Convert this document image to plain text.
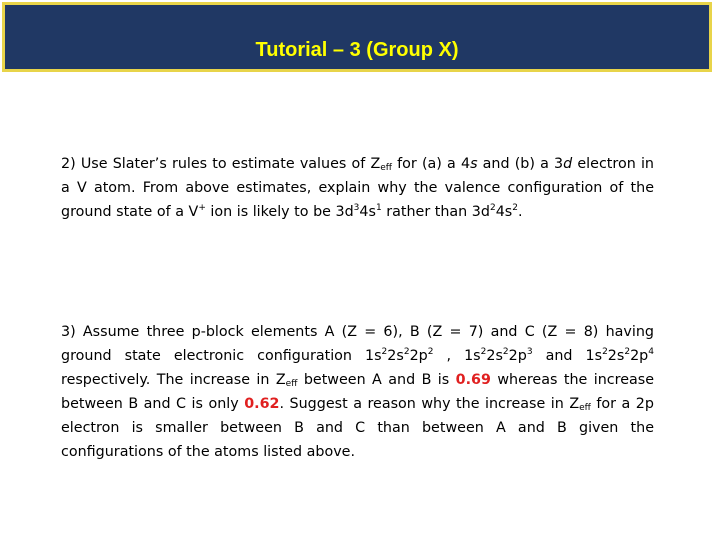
Tutorial – 3 (Group X)
2) Use Slater’s rules to estimate values of $Z_{eff}$ for (a) a 4s and (b) a 3d electron in a V atom. From above estimates, explain why the valence configuration of the ground state of a V+ ion is likely to be $3d^34s^1$ rather than $3d^24s^2$.
3) Assume three p-block elements A (Z = 6), B (Z = 7) and C (Z = 8) having ground state electronic configuration $1s^22s^22p^2$ , $1s^22s^22p^3$ and $1s^22s^22p^4$ respectively. The increase in $Z_{eff}$ between A and B is 0.69 whereas the increase between B and C is only 0.62. Suggest a reason why the increase in $Z_{eff}$ for a 2p electron is smaller between B and C than between A and B given the configurations of the atoms listed above.
